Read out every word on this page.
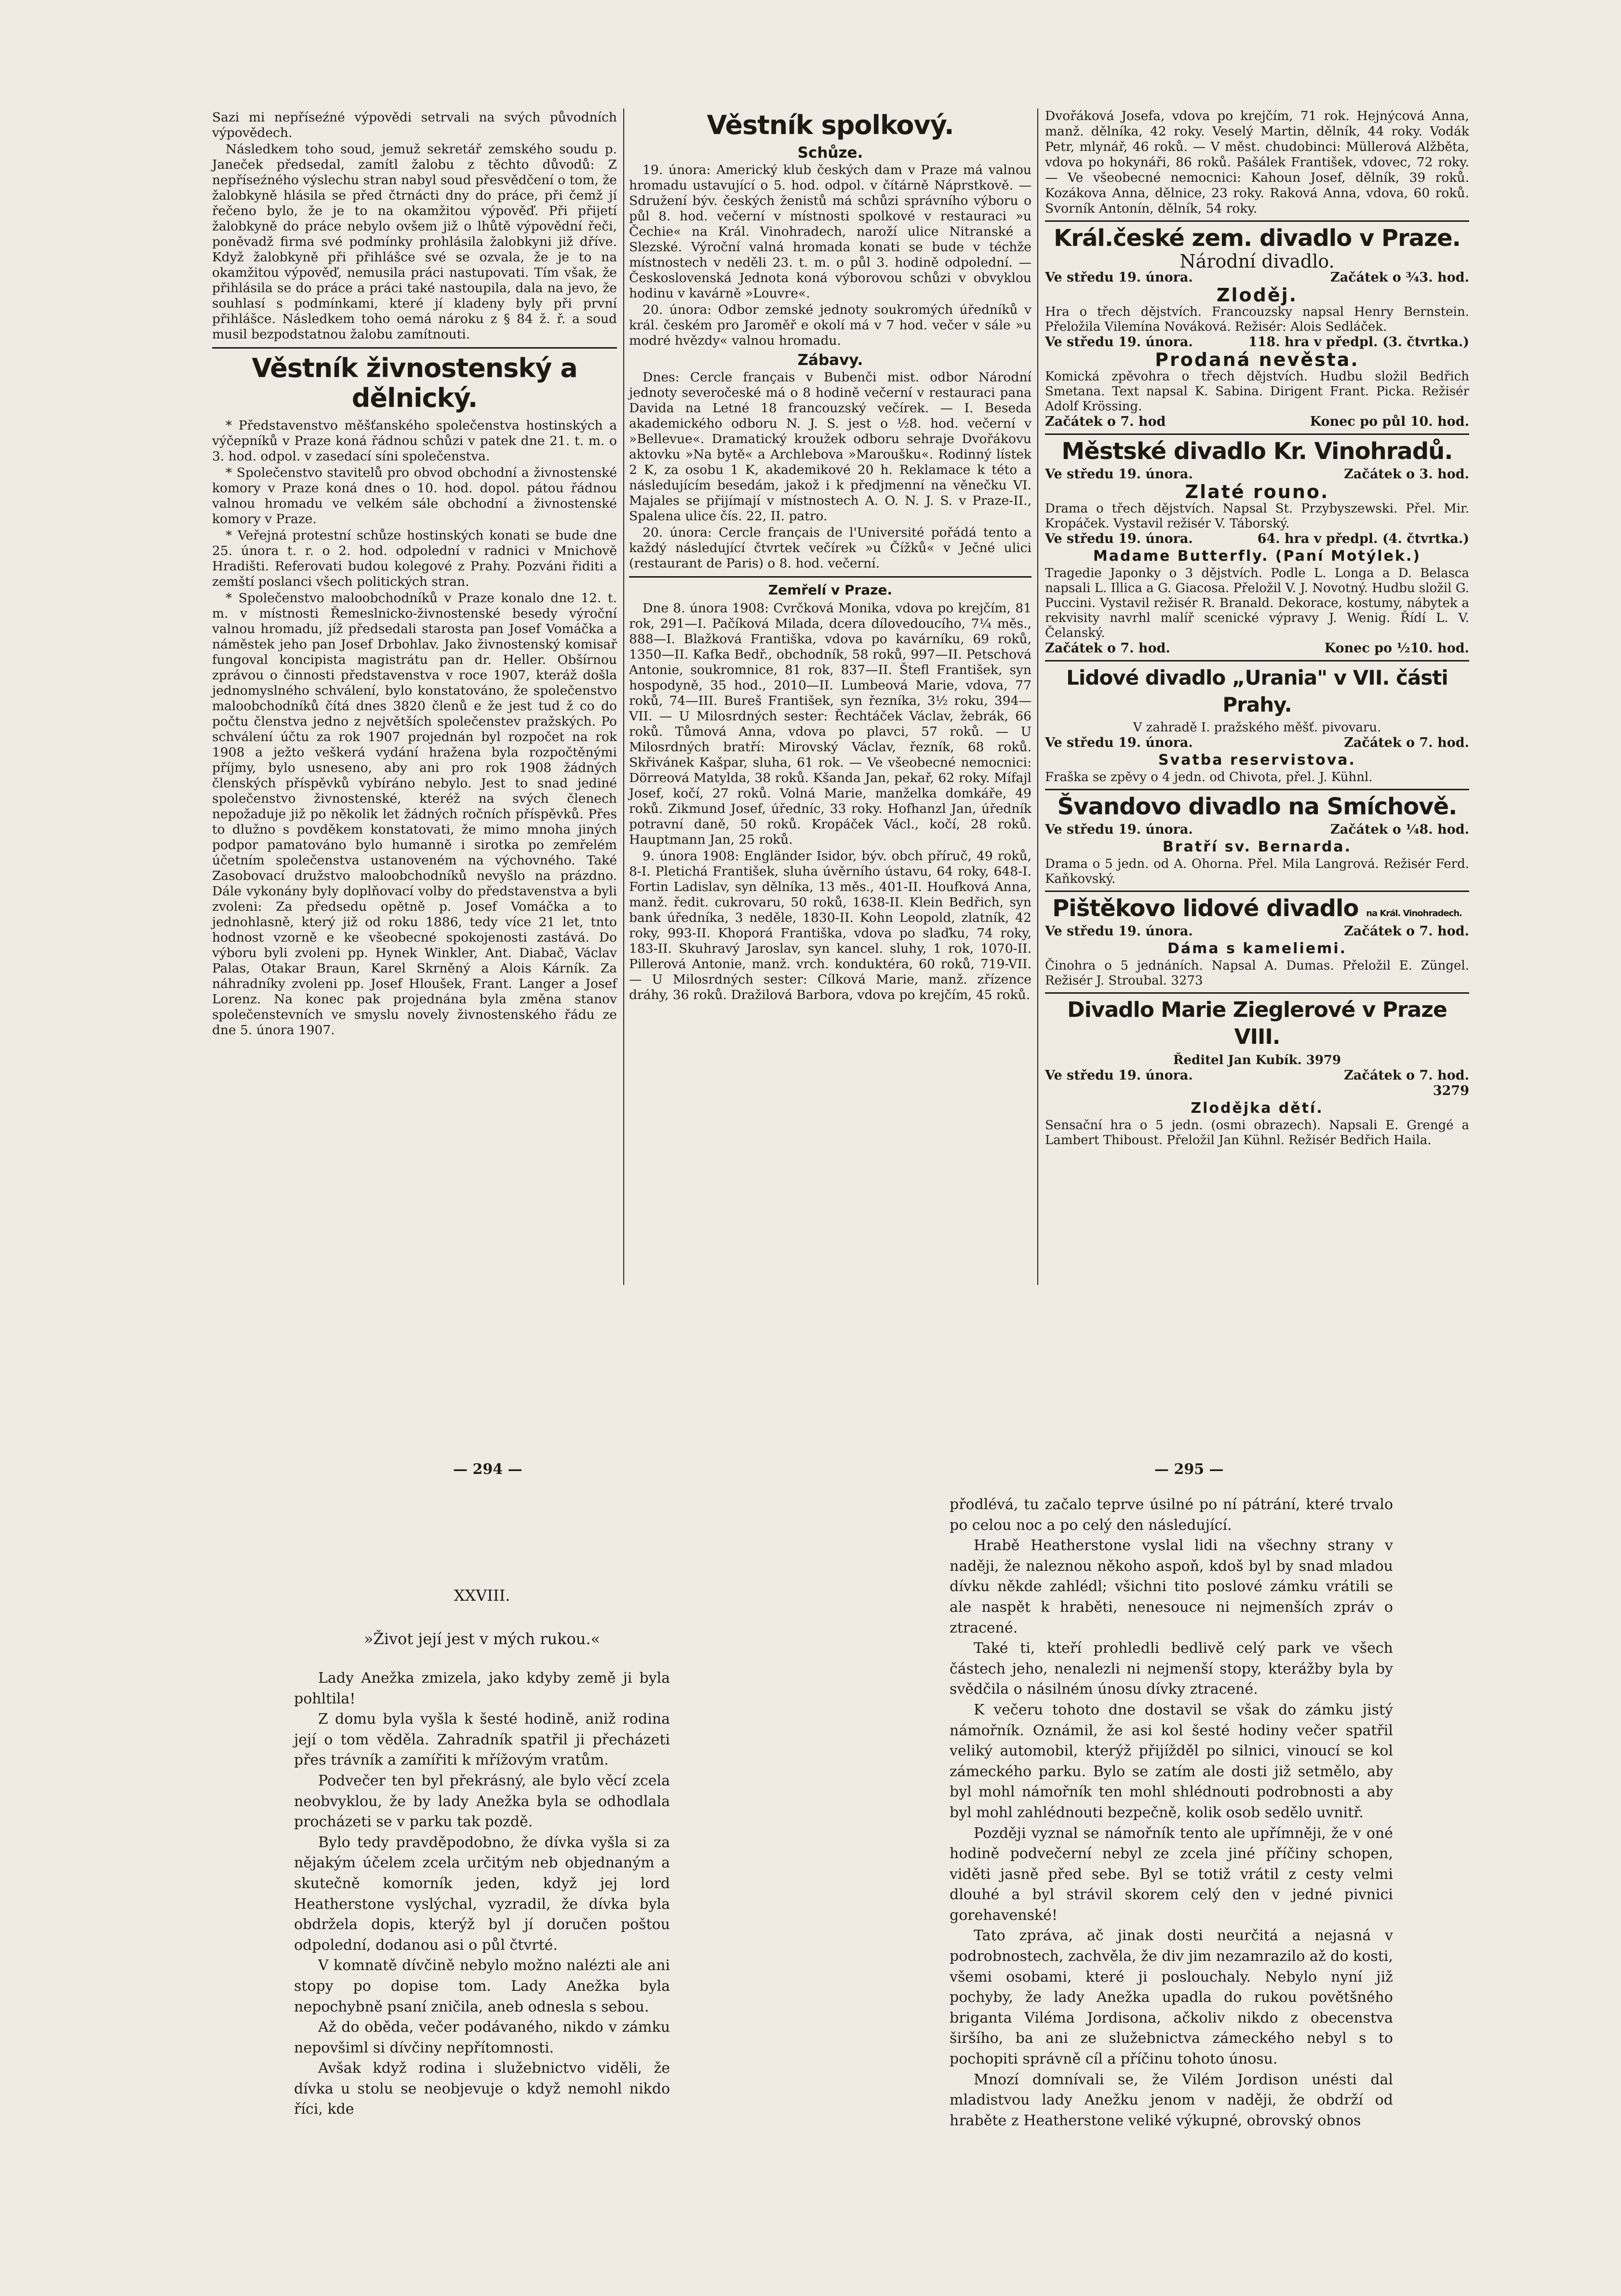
Sazi mi nepříseźné výpovědi setrvali na svých původních výpovědech.

Následkem toho soud, jemuž sekretář zemského soudu p. Janeček předsedal, zamítl žalobu z těchto důvodů: Z nepříseźného výslechu stran nabyl soud přesvědčení o tom, že žalobkyně hlásila se před čtrnácti dny do práce, při čemž jí řečeno bylo, že je to na okamžitou výpověď. Při přijetí žalobkyně do práce nebylo ovšem již o lhůtě výpovědní řeči, poněvadž firma své podmínky prohlásila žalobkyni již dříve. Když žalobkyně při přihlášce své se ozvala, že je to na okamžitou výpověď, nemusila práci nastupovati. Tím však, že přihlásila se do práce a práci také nastoupila, dala na jevo, že souhlasí s podmínkami, které jí kladeny byly při první přihlášce. Následkem toho oemá nároku z § 84 ž. ř. a soud musil bezpodstatnou žalobu zamítnouti.

Věstník živnostenský a dělnický.

* Představenstvo měšťanského společenstva hostinských a výčepníků v Praze koná řádnou schůzi v patek dne 21. t. m. o 3. hod. odpol. v zasedací síni společenstva.

* Společenstvo stavitelů pro obvod obchodní a živnostenské komory v Praze koná dnes o 10. hod. dopol. pátou řádnou valnou hromadu ve velkém sále obchodní a živnostenské komory v Praze.

* Veřejná protestní schůze hostinských konati se bude dne 25. února t. r. o 2. hod. odpolední v radnici v Mnichově Hradišti. Referovati budou kolegové z Prahy. Pozváni řiditi a zemští poslanci všech politických stran.

* Společenstvo maloobchodníků v Praze konalo dne 12. t. m. v místnosti Řemeslnicko-živnostenské besedy výroční valnou hromadu, jíž předsedali starosta pan Josef Vomáčka a náměstek jeho pan Josef Drbohlav. Jako živnostenský komisař fungoval koncipista magistrátu pan dr. Heller. Obšírnou zprávou o činnosti představenstva v roce 1907, kteráž došla jednomyslného schválení, bylo konstatováno, že společenstvo maloobchodníků čítá dnes 3820 členů e že jest tud ž co do počtu členstva jedno z největších společenstev pražských. Po schválení účtu za rok 1907 projednán byl rozpočet na rok 1908 a ježto veškerá vydání hražena byla rozpočtěnými příjmy, bylo usneseno, aby ani pro rok 1908 žádných členských příspěvků vybíráno nebylo. Jest to snad jediné společenstvo živnostenské, kteréž na svých členech nepožaduje již po několik let žádných ročních příspěvků. Přes to dlužno s povděkem konstatovati, že mimo mnoha jiných podpor pamatováno bylo humanně i sirotka po zemřelém účetním společenstva ustanoveném na výchovného. Také Zasobovací družstvo maloobchodníků nevyšlo na prázdno. Dále vykonány byly doplňovací volby do představenstva a byli zvoleni: Za předsedu opětně p. Josef Vomáčka a to jednohlasně, který již od roku 1886, tedy více 21 let, tnto hodnost vzorně e ke všeobecné spokojenosti zastává. Do výboru byli zvoleni pp. Hynek Winkler, Ant. Diabač, Václav Palas, Otakar Braun, Karel Skrněný a Alois Kárník. Za náhradníky zvoleni pp. Josef Hloušek, Frant. Langer a Josef Lorenz. Na konec pak projednána byla změna stanov společenstevních ve smyslu novely živnostenského řádu ze dne 5. února 1907.

Věstník spolkový.
Schůze.

19. února: Americký klub českých dam v Praze má valnou hromadu ustavující o 5. hod. odpol. v čítárně Náprstkově. — Sdružení býv. českých ženistů má schůzi správního výboru o půl 8. hod. večerní v místnosti spolkové v restauraci »u Čechie« na Král. Vinohradech, naroží ulice Nitranské a Slezské. Výroční valná hromada konati se bude v téchže místnostech v neděli 23. t. m. o půl 3. hodině odpolední. — Československá Jednota koná výborovou schůzi v obvyklou hodinu v kavárně »Louvre«.

20. února: Odbor zemské jednoty soukromých úředníků v král. českém pro Jaroměř e okolí má v 7 hod. večer v sále »u modré hvězdy« valnou hromadu.

Zábavy.

Dnes: Cercle français v Bubenči mist. odbor Národní jednoty severočeské má o 8 hodině večerní v restauraci pana Davida na Letné 18 francouzský večírek. — I. Beseda akademického odboru N. J. S. jest o ½8. hod. večerní v »Bellevue«. Dramatický kroužek odboru sehraje Dvořákovu aktovku »Na bytě« a Archlebova »Maroušku«. Rodinný lístek 2 K, za osobu 1 K, akademikové 20 h. Reklamace k této a následujícím besedám, jakož i k předjmenní na věnečku VI. Majales se přijímají v místnostech A. O. N. J. S. v Praze-II., Spalena ulice čís. 22, II. patro.

20. února: Cercle français de l'Université pořádá tento a každý následující čtvrtek večírek »u Čížků« v Ječné ulici (restaurant de Paris) o 8. hod. večerní.

Zemřelí v Praze.

Dne 8. února 1908: Cvrčková Monika, vdova po krejčím, 81 rok, 291—I. Pačíková Milada, dcera dílovedoucího, 7¼ měs., 888—I. Blažková Františka, vdova po kavárníku, 69 roků, 1350—II. Kafka Bedř., obchodník, 58 roků, 997—II. Petschová Antonie, soukromnice, 81 rok, 837—II. Štefl František, syn hospodyně, 35 hod., 2010—II. Lumbeová Marie, vdova, 77 roků, 74—III. Bureš František, syn řezníka, 3½ roku, 394—VII. — U Milosrdných sester: Řechtáček Václav, žebrák, 66 roků. Tůmová Anna, vdova po plavci, 57 roků. — U Milosrdných bratří: Mirovský Václav, řezník, 68 roků. Skřivánek Kašpar, sluha, 61 rok. — Ve všeobecné nemocnici: Dörreová Matylda, 38 roků. Kšanda Jan, pekař, 62 roky. Mífajl Josef, kočí, 27 roků. Volná Marie, manželka domkáře, 49 roků. Zikmund Josef, úředníc, 33 roky. Hofhanzl Jan, úředník potravní daně, 50 roků. Kropáček Václ., kočí, 28 roků. Hauptmann Jan, 25 roků.

9. února 1908: Engländer Isidor, býv. obch příruč, 49 roků, 8-I. Pletichá František, sluha úvěrního ústavu, 64 roky, 648-I. Fortin Ladislav, syn dělníka, 13 měs., 401-II. Houfková Anna, manž. ředit. cukrovaru, 50 roků, 1638-II. Klein Bedřich, syn bank úředníka, 3 neděle, 1830-II. Kohn Leopold, zlatník, 42 roky, 993-II. Khoporá Františka, vdova po slaďku, 74 roky, 183-II. Skuhravý Jaroslav, syn kancel. sluhy, 1 rok, 1070-II. Pillerová Antonie, manž. vrch. konduktéra, 60 roků, 719-VII. — U Milosrdných sester: Cílková Marie, manž. zřízence dráhy, 36 roků. Dražilová Barbora, vdova po krejčím, 45 roků.

Dvořáková Josefa, vdova po krejčím, 71 rok. Hejnýcová Anna, manž. dělníka, 42 roky. Veselý Martin, dělník, 44 roky. Vodák Petr, mlynář, 46 roků. — V měst. chudobinci: Müllerová Alžběta, vdova po hokynáři, 86 roků. Pašálek František, vdovec, 72 roky. — Ve všeobecné nemocnici: Kahoun Josef, dělník, 39 roků. Kozákova Anna, dělnice, 23 roky. Raková Anna, vdova, 60 roků. Svorník Antonín, dělník, 54 roky.

Král.české zem. divadlo v Praze.
Národní divadlo.
Ve středu 19. února.	Začátek o ¾3. hod.
Zloděj.
Hra o třech dějstvích. Francouzsky napsal Henry Bernstein. Přeložila Vilemína Nováková. Režisér: Alois Sedláček.
Ve středu 19. února.	118. hra v předpl. (3. čtvrtka.)
Prodaná nevěsta.
Komická zpěvohra o třech dějstvích. Hudbu složil Bedřich Smetana. Text napsal K. Sabina. Dirigent Frant. Picka. Režisér Adolf Krössing.
Začátek o 7. hod	Konec po půl 10. hod.
Městské divadlo Kr. Vinohradů.
Ve středu 19. února.	Začátek o 3. hod.
Zlaté rouno.
Drama o třech dějstvích. Napsal St. Przybyszewski. Přel. Mir. Kropáček. Vystavil režisér V. Táborský.
Ve středu 19. února.	64. hra v předpl. (4. čtvrtka.)
Madame Butterfly. (Paní Motýlek.)
Tragedie Japonky o 3 dějstvích. Podle L. Longa a D. Belasca napsali L. Illica a G. Giacosa. Přeložil V. J. Novotný. Hudbu složil G. Puccini. Vystavil režisér R. Branald. Dekorace, kostumy, nábytek a rekvisity navrhl malíř scenické výpravy J. Wenig. Řídí L. V. Čelanský.
Začátek o 7. hod.	Konec po ½10. hod.
Lidové divadlo „Urania" v VII. části Prahy.
V zahradě I. pražského měšť. pivovaru.
Ve středu 19. února.	Začátek o 7. hod.
Svatba reservistova.
Fraška se zpěvy o 4 jedn. od Chivota, přel. J. Kühnl.
Švandovo divadlo na Smíchově.
Ve středu 19. února.	Začátek o ¼8. hod.
Bratří sv. Bernarda.
Drama o 5 jedn. od A. Ohorna. Přel. Mila Langrová. Režisér Ferd. Kaňkovský.
Pištěkovo lidové divadlo na Král. Vinohradech.
Ve středu 19. února.	Začátek o 7. hod.
Dáma s kameliemi.
Činohra o 5 jednáních. Napsal A. Dumas. Přeložil E. Züngel. Režisér J. Stroubal. 3273
Divadlo Marie Zieglerové v Praze VIII.
Ředitel Jan Kubík. 3979
Ve středu 19. února.	Začátek o 7. hod.
3279
Zlodějka dětí.
Sensační hra o 5 jedn. (osmi obrazech). Napsali E. Grengé a Lambert Thiboust. Přeložil Jan Kühnl. Režisér Bedřich Haila.
— 294 —	— 295 —
XXVIII.
»Život její jest v mých rukou.«

Lady Anežka zmizela, jako kdyby země ji byla pohltila!

Z domu byla vyšla k šesté hodině, aniž rodina její o tom věděla. Zahradník spatřil ji přecházeti přes trávník a zamířiti k mřížovým vratům.

Podvečer ten byl překrásný, ale bylo věcí zcela neobvyklou, že by lady Anežka byla se odhodlala procházeti se v parku tak pozdě.

Bylo tedy pravděpodobno, že dívka vyšla si za nějakým účelem zcela určitým neb objednaným a skutečně komorník jeden, když jej lord Heatherstone vyslýchal, vyzradil, že dívka byla obdržela dopis, kterýž byl jí doručen poštou odpolední, dodanou asi o půl čtvrté.

V komnatě dívčině nebylo možno nalézti ale ani stopy po dopise tom. Lady Anežka byla nepochybně psaní zničila, aneb odnesla s sebou.

Až do oběda, večer podávaného, nikdo v zámku nepovšiml si dívčiny nepřítomnosti.

Avšak když rodina i služebnictvo viděli, že dívka u stolu se neobjevuje o když nemohl nikdo říci, kde

přodlévá, tu začalo teprve úsilné po ní pátrání, které trvalo po celou noc a po celý den následující.

Hrabě Heatherstone vyslal lidi na všechny strany v naději, že naleznou někoho aspoň, kdoš byl by snad mladou dívku někde zahlédl; všichni tito poslové zámku vrátili se ale naspět k hraběti, nenesouce ni nejmenších zpráv o ztracené.

Také ti, kteří prohledli bedlivě celý park ve všech částech jeho, nenalezli ni nejmenší stopy, kterážby byla by svědčila o násilném únosu dívky ztracené.

K večeru tohoto dne dostavil se však do zámku jistý námořník. Oznámil, že asi kol šesté hodiny večer spatřil veliký automobil, kterýž přijížděl po silnici, vinoucí se kol zámeckého parku. Bylo se zatím ale dosti již setmělo, aby byl mohl námořník ten mohl shlédnouti podrobnosti a aby byl mohl zahlédnouti bezpečně, kolik osob sedělo uvnitř.

Později vyznal se námořník tento ale upřímněji, že v oné hodině podvečerní nebyl ze zcela jiné příčiny schopen, viděti jasně před sebe. Byl se totiž vrátil z cesty velmi dlouhé a byl strávil skorem celý den v jedné pivnici gorehavenské!

Tato zpráva, ač jinak dosti neurčitá a nejasná v podrobnostech, zachvěla, že div jim nezamrazilo až do kosti, všemi osobami, které ji poslouchaly. Nebylo nyní již pochyby, že lady Anežka upadla do rukou povětšného briganta Viléma Jordisona, ačkoliv nikdo z obecenstva širšího, ba ani ze služebnictva zámeckého nebyl s to pochopiti správně cíl a příčinu tohoto únosu.

Mnozí domnívali se, že Vilém Jordison unésti dal mladistvou lady Anežku jenom v naději, že obdrží od hraběte z Heatherstone veliké výkupné, obrovský obnos
